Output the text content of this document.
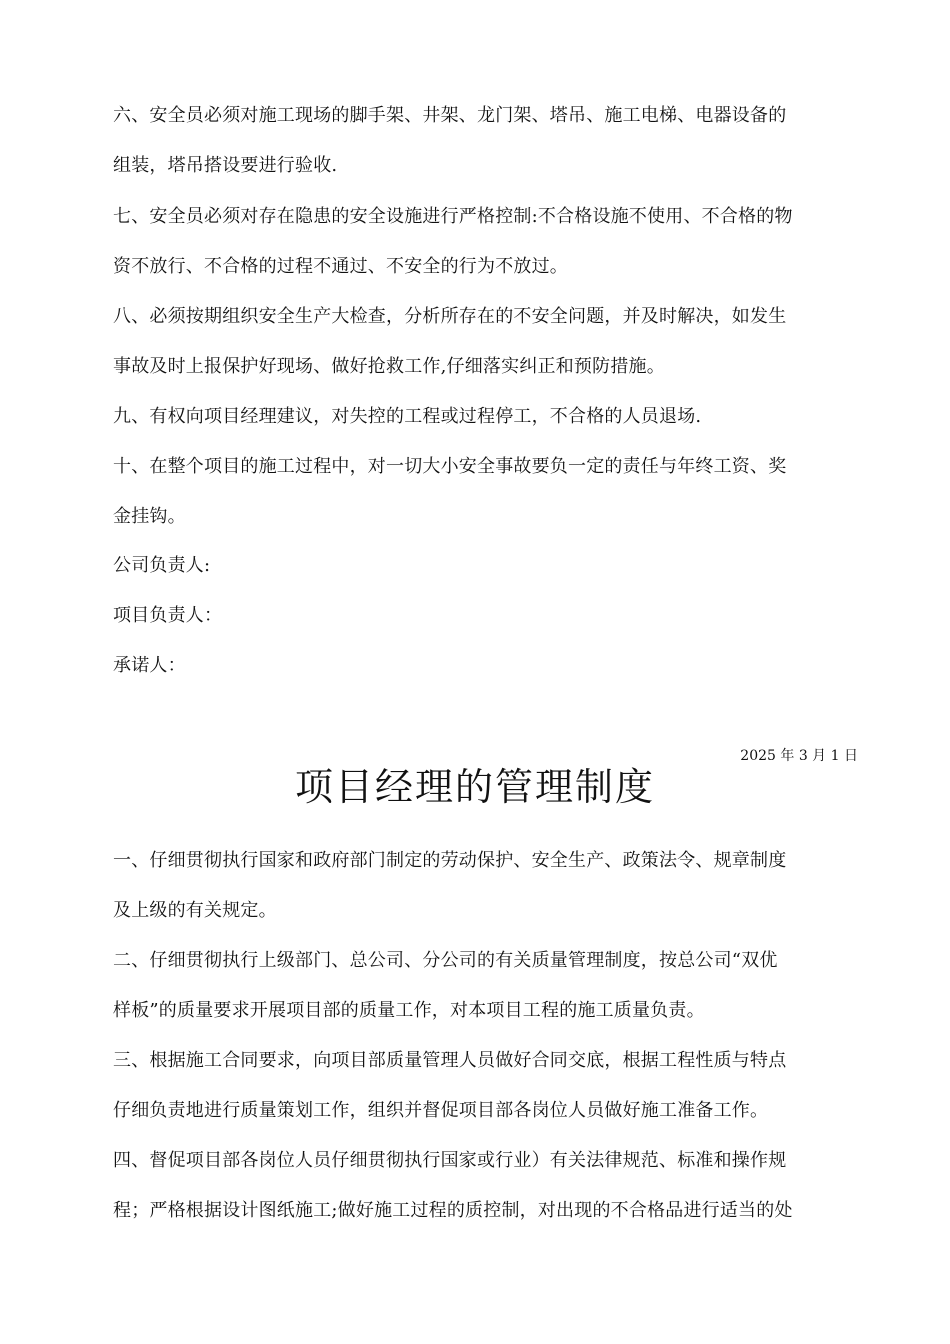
六、安全员必须对施工现场的脚手架、井架、龙门架、塔吊、施工电梯、电器设备的
组装，塔吊搭设要进行验收.
七、安全员必须对存在隐患的安全设施进行严格控制:不合格设施不使用、不合格的物
资不放行、不合格的过程不通过、不安全的行为不放过。
八、必须按期组织安全生产大检查，分析所存在的不安全问题，并及时解决，如发生
事故及时上报保护好现场、做好抢救工作,仔细落实纠正和预防措施。
九、有权向项目经理建议，对失控的工程或过程停工，不合格的人员退场.
十、在整个项目的施工过程中，对一切大小安全事故要负一定的责任与年终工资、奖
金挂钩。
公司负责人:
项目负责人：
承诺人：
2025 年 3 月 1 日
项目经理的管理制度
一、仔细贯彻执行国家和政府部门制定的劳动保护、安全生产、政策法令、规章制度
及上级的有关规定。
二、仔细贯彻执行上级部门、总公司、分公司的有关质量管理制度，按总公司“双优
样板”的质量要求开展项目部的质量工作，对本项目工程的施工质量负责。
三、根据施工合同要求，向项目部质量管理人员做好合同交底，根据工程性质与特点
仔细负责地进行质量策划工作，组织并督促项目部各岗位人员做好施工准备工作。
四、督促项目部各岗位人员仔细贯彻执行国家或行业）有关法律规范、标准和操作规
程；严格根据设计图纸施工;做好施工过程的质控制，对出现的不合格品进行适当的处
